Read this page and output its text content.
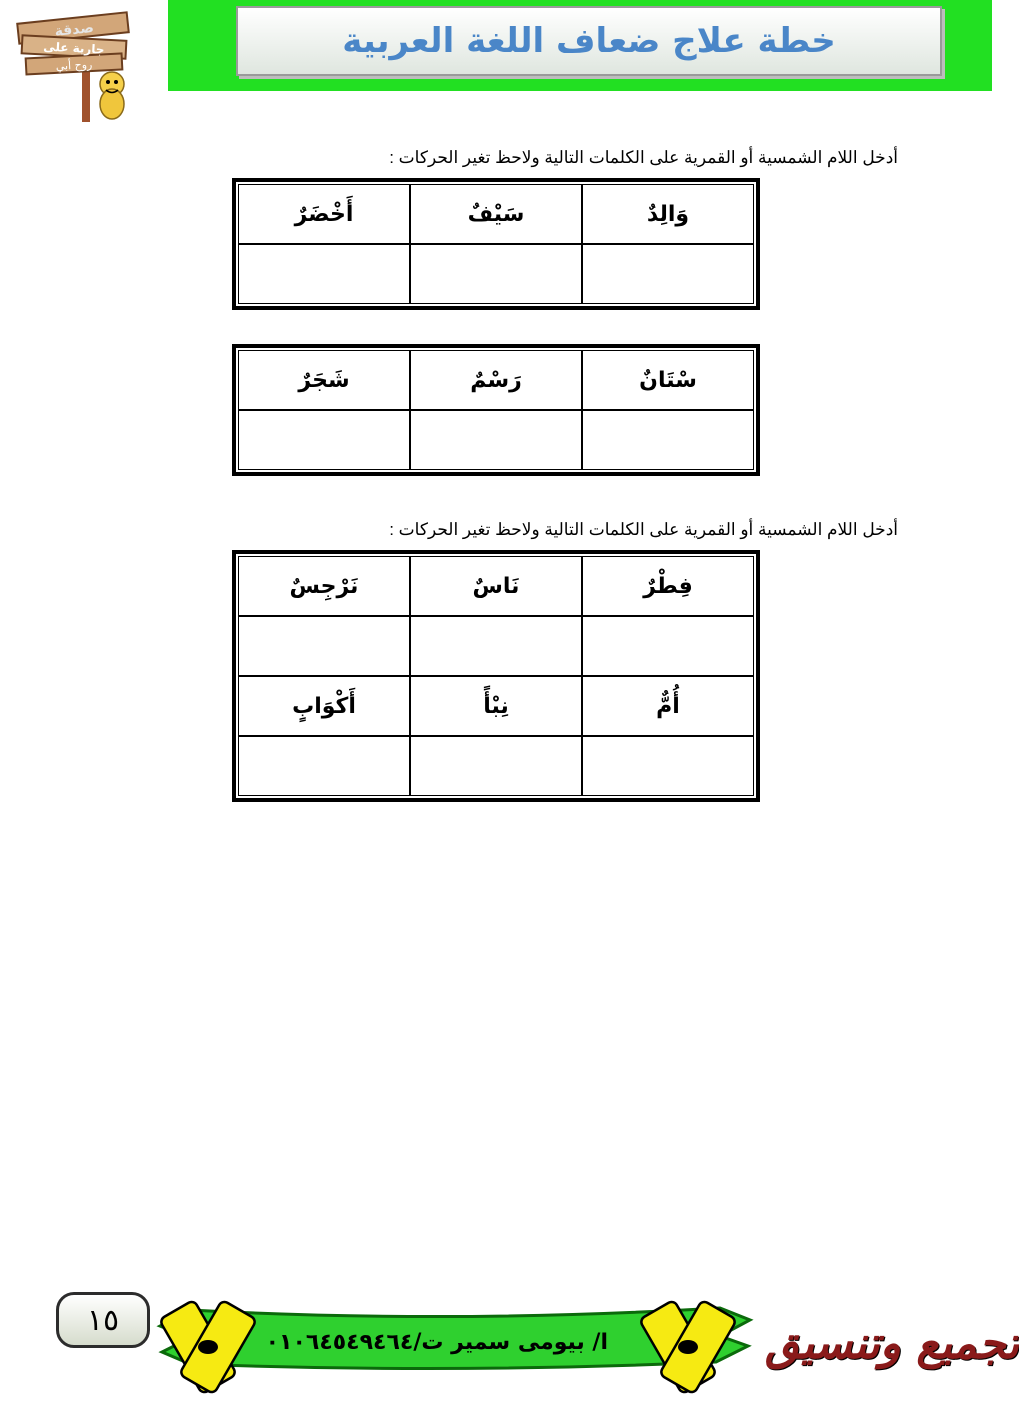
خطة علاج ضعاف اللغة العربية
صدقة
جارية على
روح أبي
أدخل اللام الشمسية أو القمرية على الكلمات التالية ولاحظ تغير الحركات :
وَالِدٌ	سَيْفٌ	أَخْضَرٌ

سْتَانٌ	رَسْمٌ	شَجَرٌ

أدخل اللام الشمسية أو القمرية على الكلمات التالية ولاحظ تغير الحركات :
فِطْرٌ	نَاسٌ	نَرْجِسٌ

أُمٌّ	نِبْأً	أَكْوَابٍ

١٥
ا/ بيومى سمير ت/٠١٠٦٤٥٤٩٤٦٤	تجميع وتنسيق
